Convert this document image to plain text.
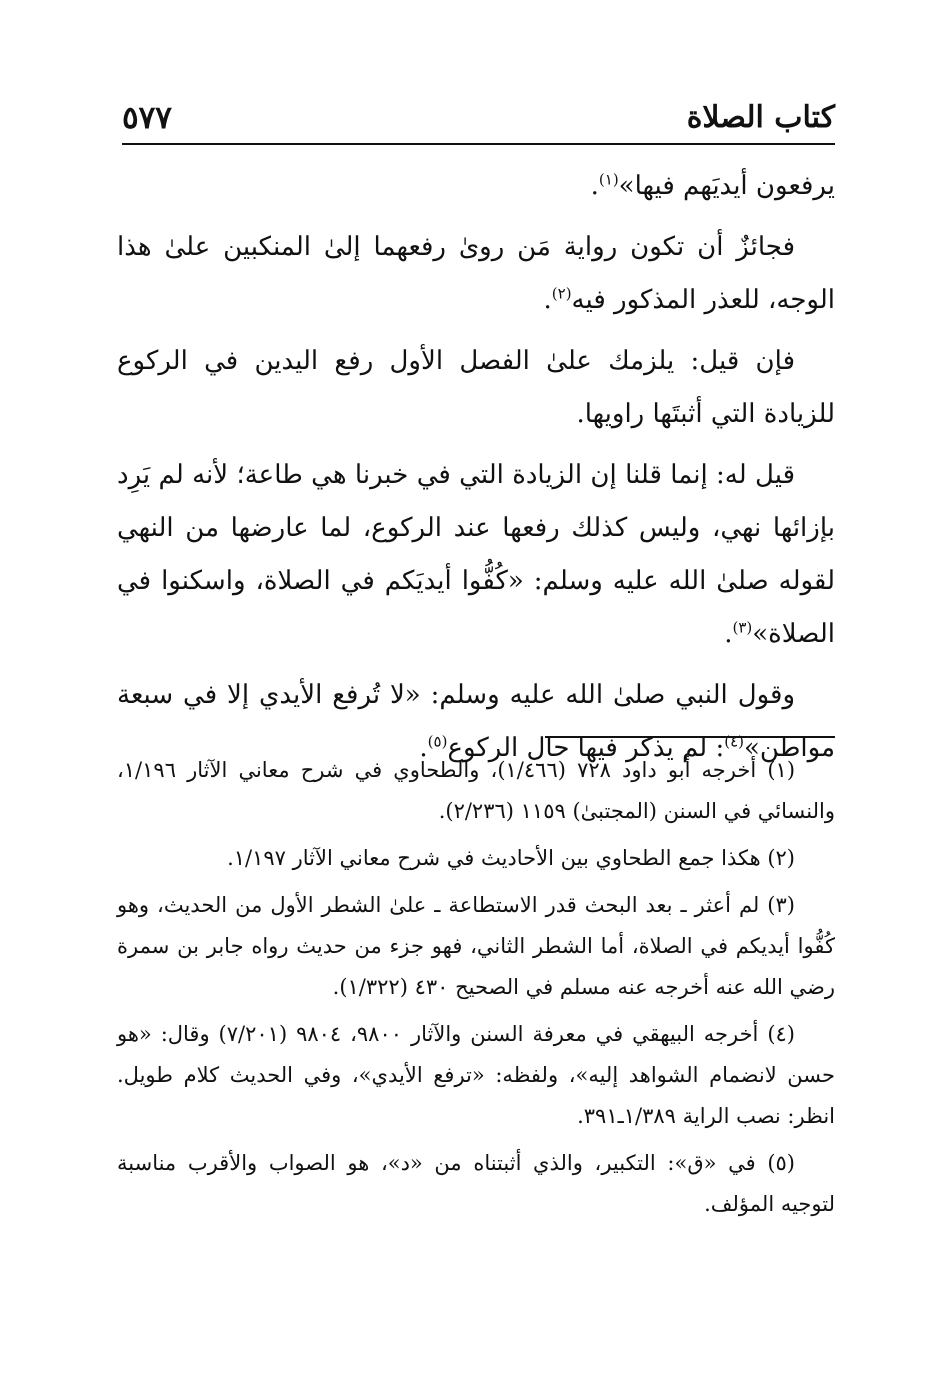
كتاب الصلاة
٥٧٧

يرفعون أيديَهم فيها»$^{(١)}$.

فجائزٌ أن تكون رواية مَن روىٰ رفعهما إلىٰ المنكبين علىٰ هذا الوجه، للعذر المذكور فيه$^{(٢)}$.

فإن قيل: يلزمك علىٰ الفصل الأول رفع اليدين في الركوع للزيادة التي أثبتَها راويها.

قيل له: إنما قلنا إن الزيادة التي في خبرنا هي طاعة؛ لأنه لم يَرِد بإزائها نهي، وليس كذلك رفعها عند الركوع، لما عارضها من النهي لقوله صلىٰ الله عليه وسلم: «كُفُّوا أيديَكم في الصلاة، واسكنوا في الصلاة»$^{(٣)}$.

وقول النبي صلىٰ الله عليه وسلم: «لا تُرفع الأيدي إلا في سبعة مواطن»$^{(٤)}$: لم يذكر فيها حال الركوع$^{(٥)}$.

(١) أخرجه أبو داود ٧٢٨ (١/٤٦٦)، والطحاوي في شرح معاني الآثار ١/١٩٦، والنسائي في السنن (المجتبىٰ) ١١٥٩ (٢/٢٣٦).

(٢) هكذا جمع الطحاوي بين الأحاديث في شرح معاني الآثار ١/١٩٧.

(٣) لم أعثر ـ بعد البحث قدر الاستطاعة ـ علىٰ الشطر الأول من الحديث، وهو كُفُّوا أيديكم في الصلاة، أما الشطر الثاني، فهو جزء من حديث رواه جابر بن سمرة رضي الله عنه أخرجه عنه مسلم في الصحيح ٤٣٠ (١/٣٢٢).

(٤) أخرجه البيهقي في معرفة السنن والآثار ٩٨٠٠، ٩٨٠٤ (٧/٢٠١) وقال: «هو حسن لانضمام الشواهد إليه»، ولفظه: «ترفع الأيدي»، وفي الحديث كلام طويل. انظر: نصب الراية ١/٣٨٩ـ٣٩١.

(٥) في «ق»: التكبير، والذي أثبتناه من «د»، هو الصواب والأقرب مناسبة لتوجيه المؤلف.
